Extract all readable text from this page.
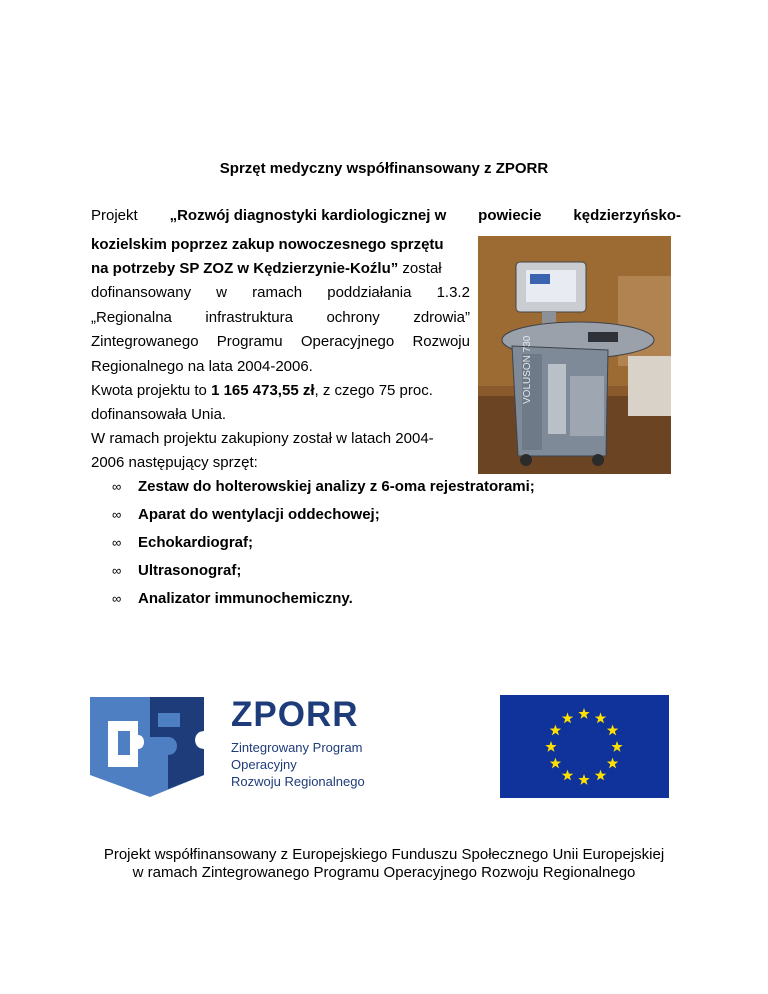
Sprzęt medyczny współfinansowany z ZPORR
Projekt „Rozwój diagnostyki kardiologicznej w powiecie kędzierzyńsko-
kozielskim poprzez zakup nowoczesnego sprzętu
na potrzeby SP ZOZ w Kędzierzynie-Koźlu” został
dofinansowany w ramach poddziałania 1.3.2
„Regionalna infrastruktura ochrony zdrowia”
Zintegrowanego Programu Operacyjnego Rozwoju
Regionalnego na lata 2004-2006.
Kwota projektu to 1 165 473,55 zł, z czego 75 proc.
dofinansowała Unia.
W ramach projektu zakupiony został w latach 2004-
2006 następujący sprzęt:
VOLUSON 730
∞	Zestaw do holterowskiej analizy z 6-oma rejestratorami;
∞	Aparat do wentylacji oddechowej;
∞	Echokardiograf;
∞	Ultrasonograf;
∞	Analizator immunochemiczny.
ZPORR
Zintegrowany Program
Operacyjny
Rozwoju Regionalnego
Projekt współfinansowany z Europejskiego Funduszu Społecznego Unii Europejskiej
w ramach Zintegrowanego Programu Operacyjnego Rozwoju Regionalnego
